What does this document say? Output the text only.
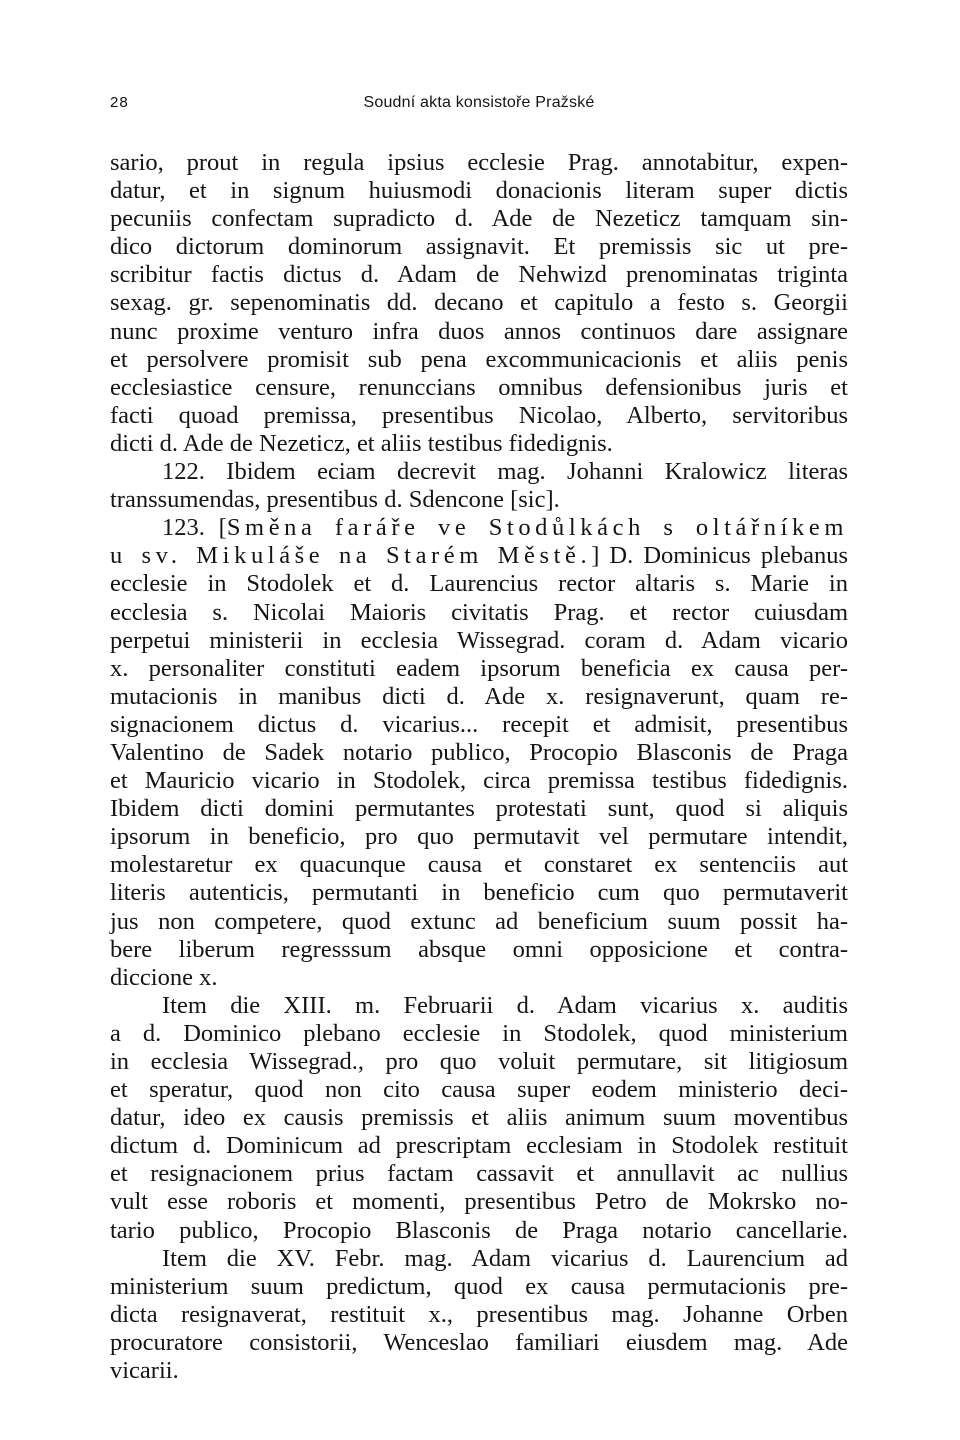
28	Soudní akta konsistoře Pražské
sario, prout in regula ipsius ecclesie Prag. annotabitur, expen-
datur, et in signum huiusmodi donacionis literam super dictis
pecuniis confectam supradicto d. Ade de Nezeticz tamquam sin-
dico dictorum dominorum assignavit. Et premissis sic ut pre-
scribitur factis dictus d. Adam de Nehwizd prenominatas triginta
sexag. gr. sepenominatis dd. decano et capitulo a festo s. Georgii
nunc proxime venturo infra duos annos continuos dare assignare
et persolvere promisit sub pena excommunicacionis et aliis penis
ecclesiastice censure, renunccians omnibus defensionibus juris et
facti quoad premissa, presentibus Nicolao, Alberto, servitoribus
dicti d. Ade de Nezeticz, et aliis testibus fidedignis.
122. Ibidem eciam decrevit mag. Johanni Kralowicz literas
transsumendas, presentibus d. Sdencone [sic].
123. [Směna farářе ve Stodůlkách s oltářníkem
u sv. Mikuláše na Starém Městě.] D. Dominicus plebanus
ecclesie in Stodolek et d. Laurencius rector altaris s. Marie in
ecclesia s. Nicolai Maioris civitatis Prag. et rector cuiusdam
perpetui ministerii in ecclesia Wissegrad. coram d. Adam vicario
x. personaliter constituti eadem ipsorum beneficia ex causa per-
mutacionis in manibus dicti d. Ade x. resignaverunt, quam re-
signacionem dictus d. vicarius... recepit et admisit, presentibus
Valentino de Sadek notario publico, Procopio Blasconis de Praga
et Mauricio vicario in Stodolek, circa premissa testibus fidedignis.
Ibidem dicti domini permutantes protestati sunt, quod si aliquis
ipsorum in beneficio, pro quo permutavit vel permutare intendit,
molestaretur ex quacunque causa et constaret ex sentenciis aut
literis autenticis, permutanti in beneficio cum quo permutaverit
jus non competere, quod extunc ad beneficium suum possit ha-
bere liberum regresssum absque omni opposicione et contra-
diccione x.
Item die XIII. m. Februarii d. Adam vicarius x. auditis
a d. Dominico plebano ecclesie in Stodolek, quod ministerium
in ecclesia Wissegrad., pro quo voluit permutare, sit litigiosum
et speratur, quod non cito causa super eodem ministerio deci-
datur, ideo ex causis premissis et aliis animum suum moventibus
dictum d. Dominicum ad prescriptam ecclesiam in Stodolek restituit
et resignacionem prius factam cassavit et annullavit ac nullius
vult esse roboris et momenti, presentibus Petro de Mokrsko no-
tario publico, Procopio Blasconis de Praga notario cancellarie.
Item die XV. Febr. mag. Adam vicarius d. Laurencium ad
ministerium suum predictum, quod ex causa permutacionis pre-
dicta resignaverat, restituit x., presentibus mag. Johanne Orben
procuratore consistorii, Wenceslao familiari eiusdem mag. Ade
vicarii.
